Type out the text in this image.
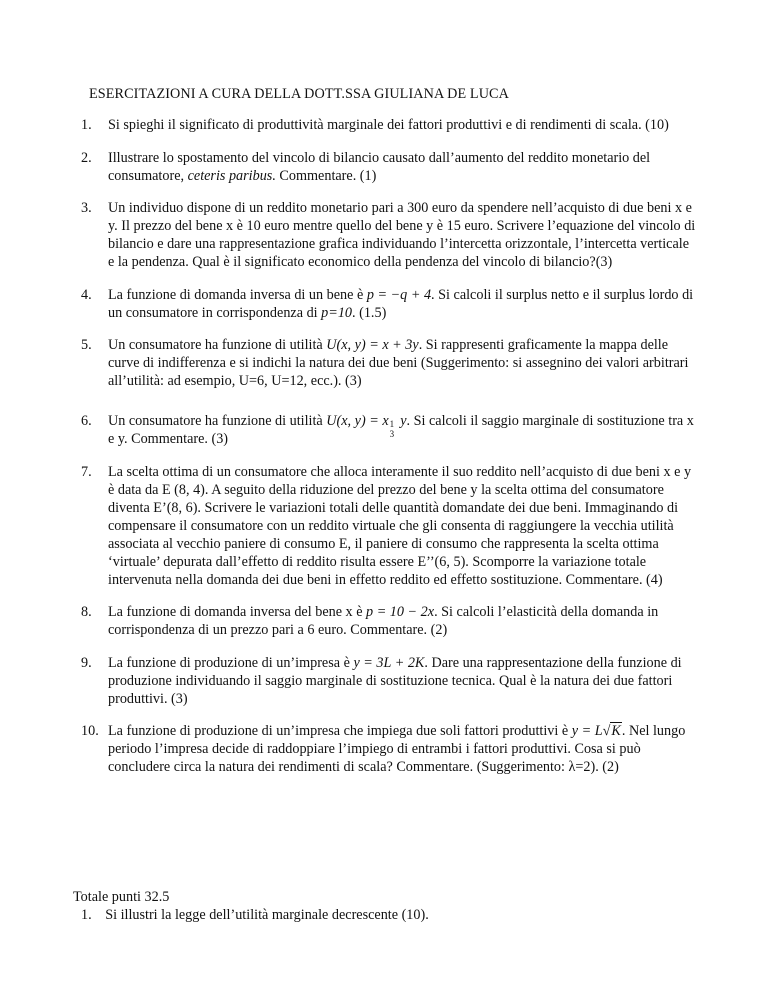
ESERCITAZIONI A CURA DELLA DOTT.SSA GIULIANA DE LUCA
1. Si spieghi il significato di produttività marginale dei fattori produttivi e di rendimenti di scala. (10)
2. Illustrare lo spostamento del vincolo di bilancio causato dall’aumento del reddito monetario del consumatore, ceteris paribus. Commentare. (1)
3. Un individuo dispone di un reddito monetario pari a 300 euro da spendere nell’acquisto di due beni x e y. Il prezzo del bene x è 10 euro mentre quello del bene y è 15 euro. Scrivere l’equazione del vincolo di bilancio e dare una rappresentazione grafica individuando l’intercetta orizzontale, l’intercetta verticale e la pendenza. Qual è il significato economico della pendenza del vincolo di bilancio?(3)
4. La funzione di domanda inversa di un bene è p = −q + 4. Si calcoli il surplus netto e il surplus lordo di un consumatore in corrispondenza di p=10. (1.5)
5. Un consumatore ha funzione di utilità U(x, y) = x + 3y. Si rappresenti graficamente la mappa delle curve di indifferenza e si indichi la natura dei due beni (Suggerimento: si assegnino dei valori arbitrari all’utilità: ad esempio, U=6, U=12, ecc.). (3)
6. Un consumatore ha funzione di utilità U(x, y) = x 1
3
y. Si calcoli il saggio marginale di sostituzione tra x e y. Commentare. (3)
7. La scelta ottima di un consumatore che alloca interamente il suo reddito nell’acquisto di due beni x e y è data da E (8, 4). A seguito della riduzione del prezzo del bene y la scelta ottima del consumatore diventa E’(8, 6). Scrivere le variazioni totali delle quantità domandate dei due beni. Immaginando di compensare il consumatore con un reddito virtuale che gli consenta di raggiungere la vecchia utilità associata al vecchio paniere di consumo E, il paniere di consumo che rappresenta la scelta ottima ‘virtuale’ depurata dall’effetto di reddito risulta essere E’’(6, 5). Scomporre la variazione totale intervenuta nella domanda dei due beni in effetto reddito ed effetto sostituzione. Commentare. (4)
8. La funzione di domanda inversa del bene x è p = 10 − 2x. Si calcoli l’elasticità della domanda in corrispondenza di un prezzo pari a 6 euro. Commentare. (2)
9. La funzione di produzione di un’impresa è y = 3L + 2K. Dare una rappresentazione della funzione di produzione individuando il saggio marginale di sostituzione tecnica. Qual è la natura dei due fattori produttivi. (3)
10. La funzione di produzione di un’impresa che impiega due soli fattori produttivi è y = L√K. Nel lungo periodo l’impresa decide di raddoppiare l’impiego di entrambi i fattori produttivi. Cosa si può concludere circa la natura dei rendimenti di scala? Commentare. (Suggerimento: λ=2). (2)
Totale punti 32.5
1. Si illustri la legge dell’utilità marginale decrescente (10).
